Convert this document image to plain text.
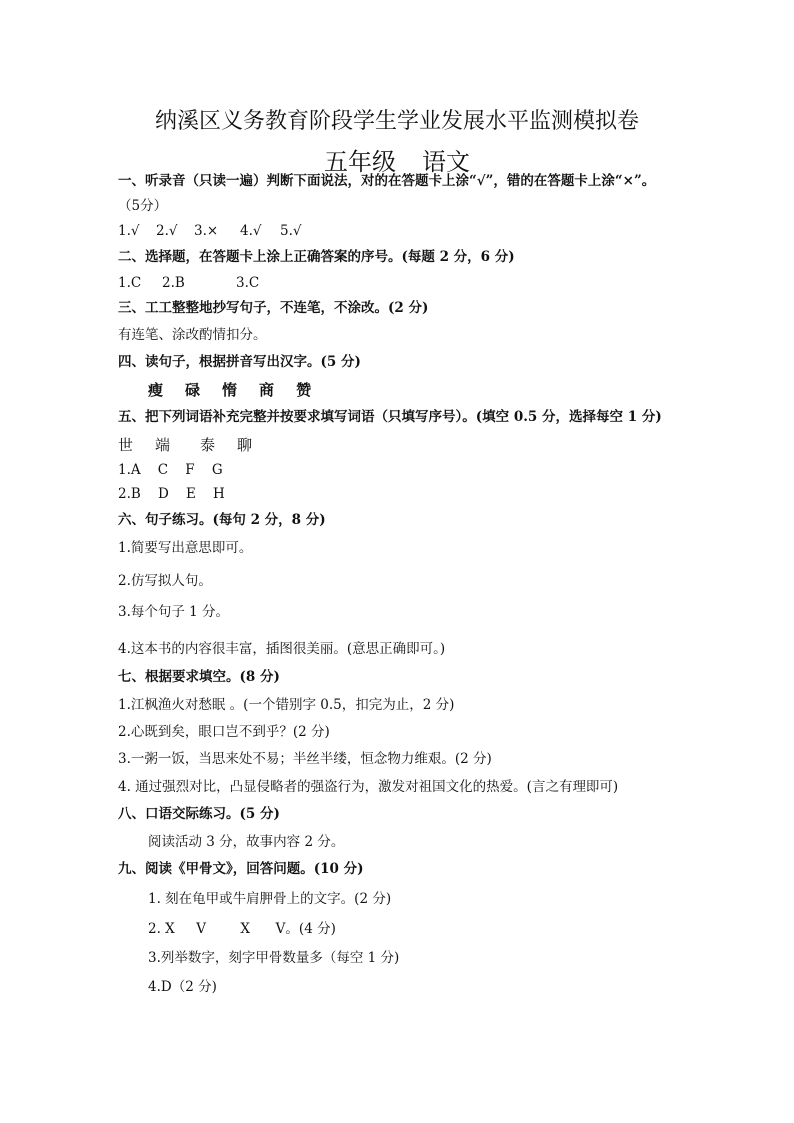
纳溪区义务教育阶段学生学业发展水平监测模拟卷
五年级 语文
一、听录音（只读一遍）判断下面说法，对的在答题卡上涂“√”，错的在答题卡上涂“×”。
（5分）
1.√ 2.√ 3.× 4.√ 5.√
二、选择题，在答题卡上涂上正确答案的序号。(每题 2 分，6 分)
1.C 2.B	3.C
三、工工整整地抄写句子，不连笔，不涂改。(2 分)
有连笔、涂改酌情扣分。
四、读句子，根据拼音写出汉字。(5 分)
瘦 碌 惰 商 赞
五、把下列词语补充完整并按要求填写词语（只填写序号）。(填空 0.5 分，选择每空 1 分)
世 端 泰 聊
1.A    C    F    G
2.B    D    E    H
六、句子练习。(每句 2 分，8 分)
1.简要写出意思即可。
2.仿写拟人句。
3.每个句子 1 分。
4.这本书的内容很丰富，插图很美丽。(意思正确即可。)
七、根据要求填空。(8 分)
1.江枫渔火对愁眠 。(一个错别字 0.5，扣完为止，2 分)
2.心既到矣，眼口岂不到乎？(2 分)
3.一粥一饭，当思来处不易；半丝半缕，恒念物力维艰。(2 分)
4. 通过强烈对比，凸显侵略者的强盗行为，激发对祖国文化的热爱。(言之有理即可)
八、口语交际练习。(5 分)
阅读活动 3 分，故事内容 2 分。
九、阅读《甲骨文》，回答问题。(10 分)
1. 刻在龟甲或牛肩胛骨上的文字。(2 分)
2. X     V        X      V。(4 分)
3.列举数字，刻字甲骨数量多（每空 1 分)
4.D（2 分)
